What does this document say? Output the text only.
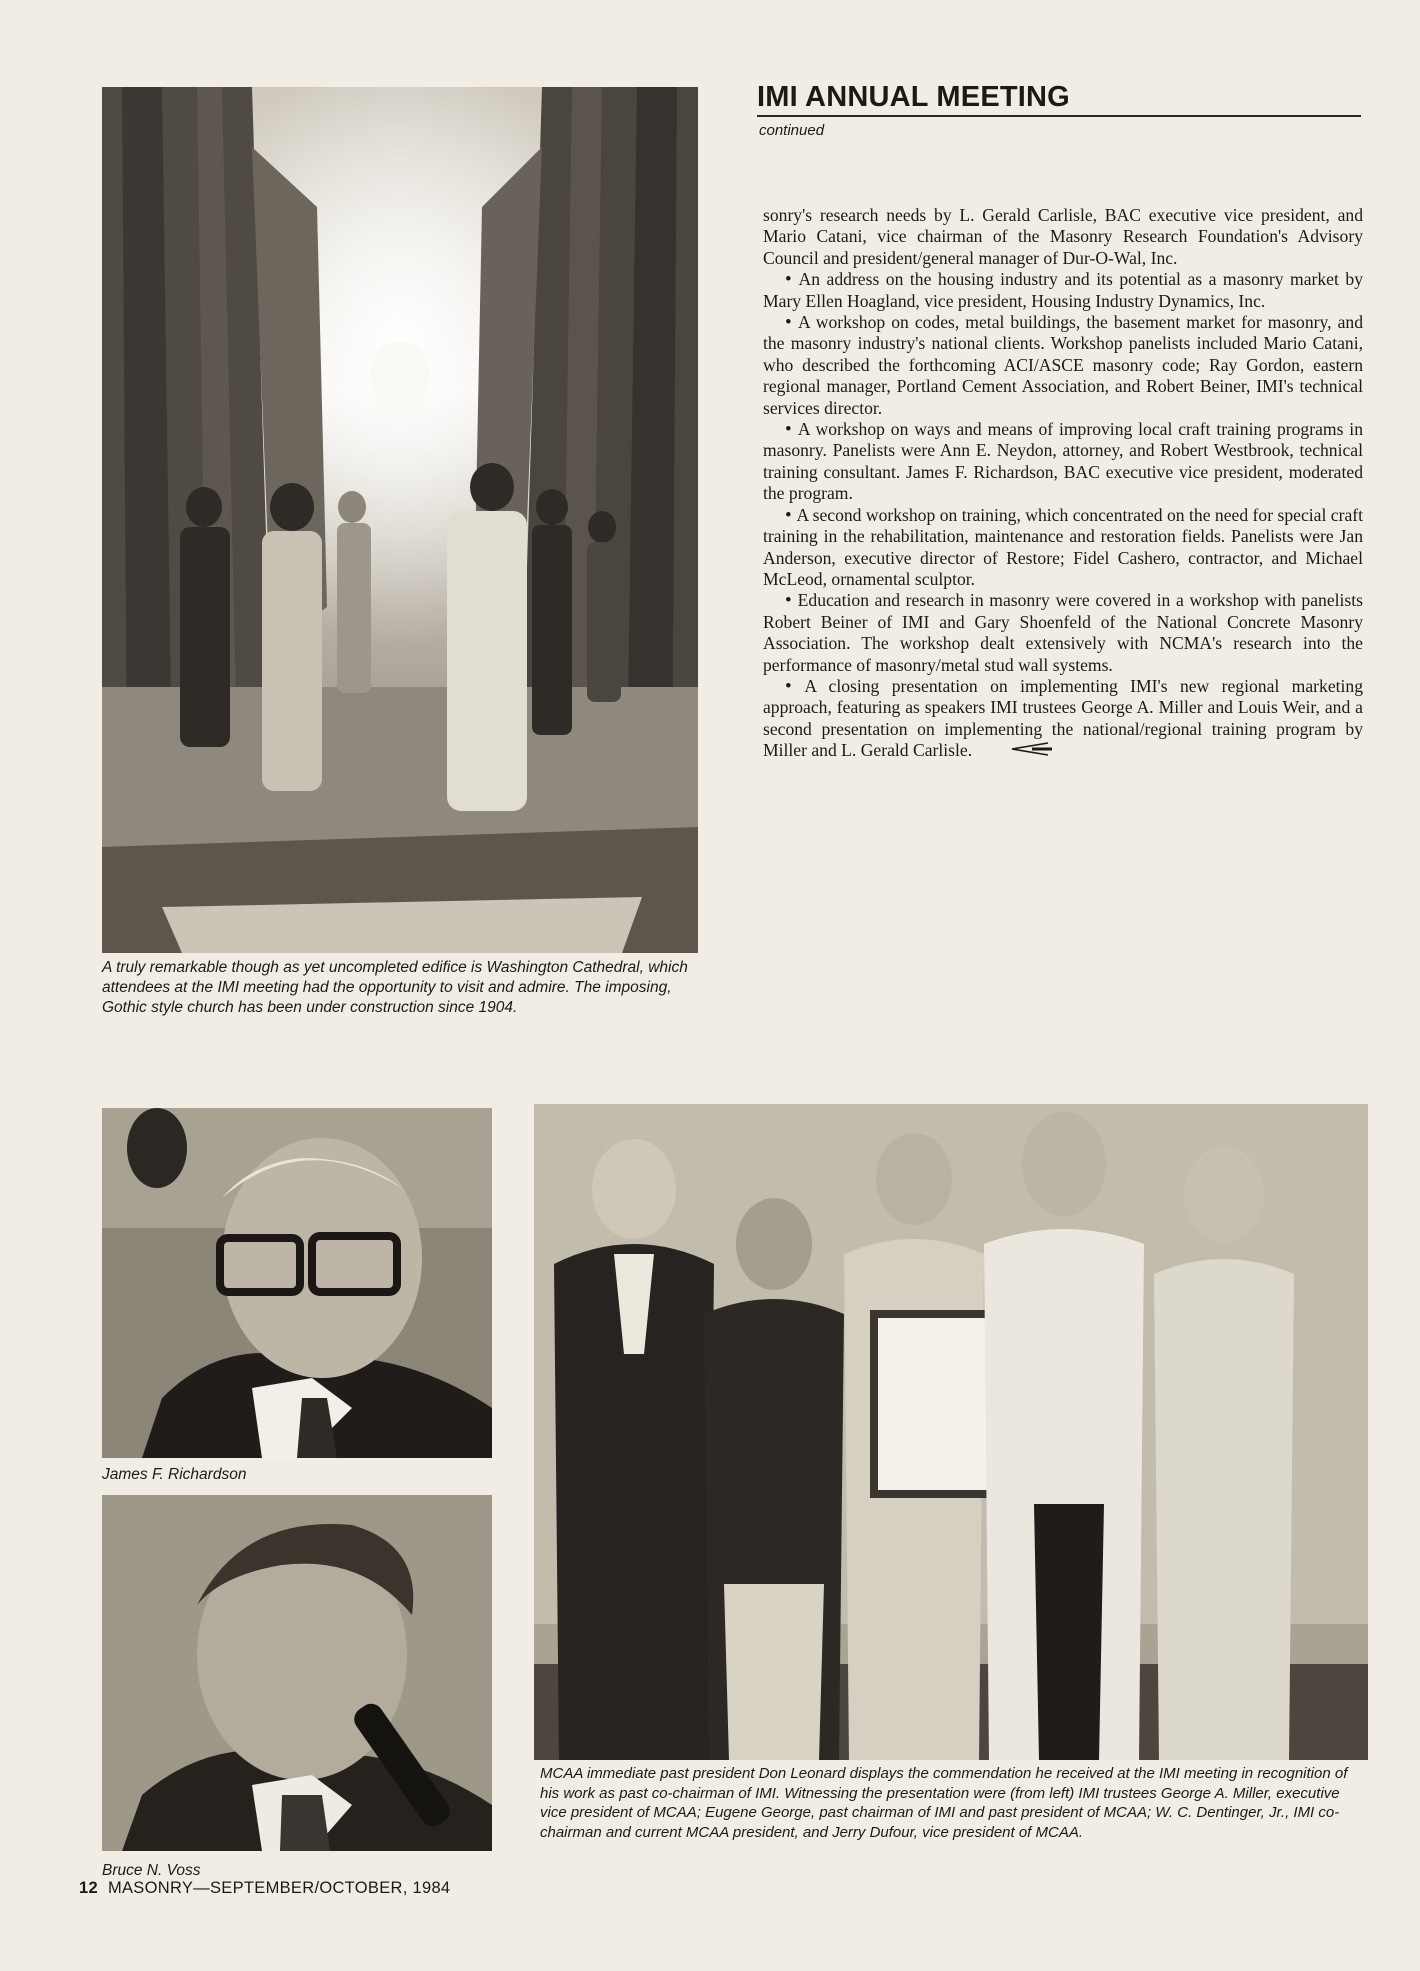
A truly remarkable though as yet uncompleted edifice is Washington Cathedral, which attendees at the IMI meeting had the opportunity to visit and admire. The imposing, Gothic style church has been under construction since 1904.
IMI ANNUAL MEETING
continued

sonry's research needs by L. Gerald Carlisle, BAC executive vice president, and Mario Catani, vice chairman of the Masonry Research Foundation's Advisory Council and president/general manager of Dur-O-Wal, Inc.

• An address on the housing industry and its potential as a masonry market by Mary Ellen Hoagland, vice president, Housing Industry Dynamics, Inc.

• A workshop on codes, metal buildings, the basement market for masonry, and the masonry industry's national clients. Workshop panelists included Mario Catani, who described the forthcoming ACI/ASCE masonry code; Ray Gordon, eastern regional manager, Portland Cement Association, and Robert Beiner, IMI's technical services director.

• A workshop on ways and means of improving local craft training programs in masonry. Panelists were Ann E. Neydon, attorney, and Robert Westbrook, technical training consultant. James F. Richardson, BAC executive vice president, moderated the program.

• A second workshop on training, which concentrated on the need for special craft training in the rehabilitation, maintenance and restoration fields. Panelists were Jan Anderson, executive director of Restore; Fidel Cashero, contractor, and Michael McLeod, ornamental sculptor.

• Education and research in masonry were covered in a workshop with panelists Robert Beiner of IMI and Gary Shoenfeld of the National Concrete Masonry Association. The workshop dealt extensively with NCMA's research into the performance of masonry/metal stud wall systems.

• A closing presentation on implementing IMI's new regional marketing approach, featuring as speakers IMI trustees George A. Miller and Louis Weir, and a second presentation on implementing the national/regional training program by Miller and L. Gerald Carlisle.

James F. Richardson
Bruce N. Voss
MCAA immediate past president Don Leonard displays the commendation he received at the IMI meeting in recognition of his work as past co-chairman of IMI. Witnessing the presentation were (from left) IMI trustees George A. Miller, executive vice president of MCAA; Eugene George, past chairman of IMI and past president of MCAA; W. C. Dentinger, Jr., IMI co-chairman and current MCAA president, and Jerry Dufour, vice president of MCAA.
12 MASONRY—SEPTEMBER/OCTOBER, 1984
